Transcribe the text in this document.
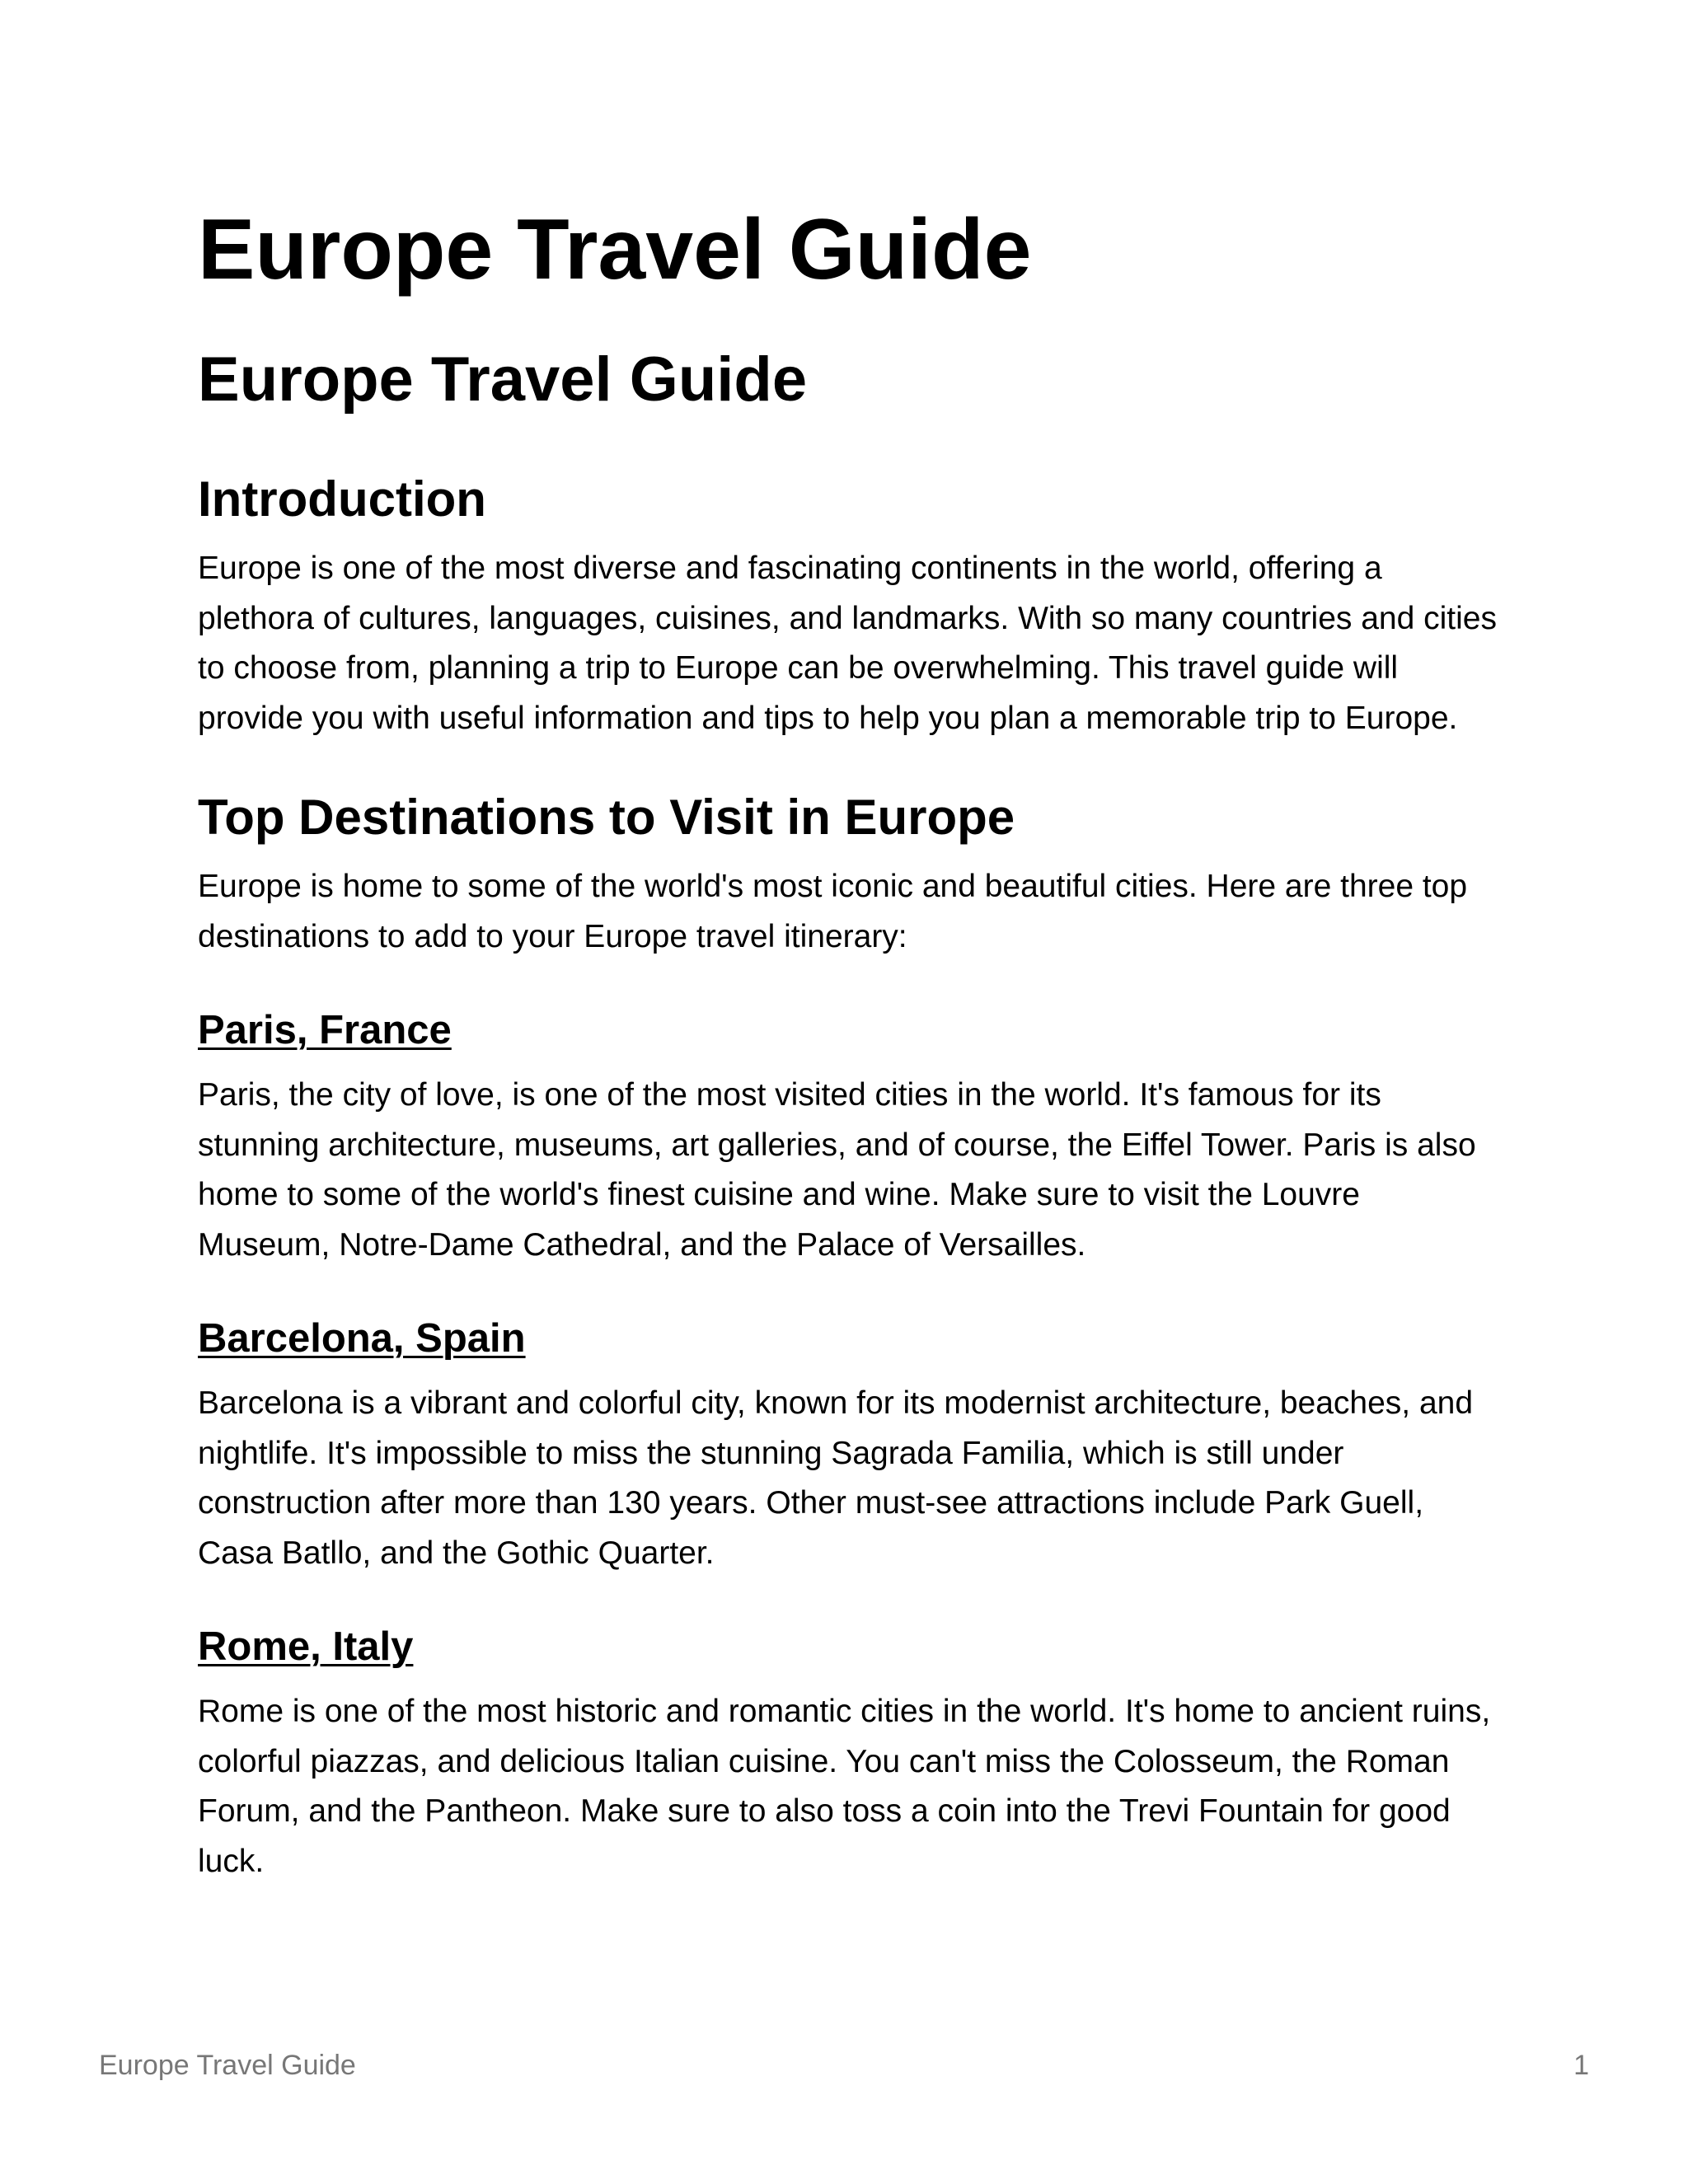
Europe Travel Guide
Europe Travel Guide
Introduction

Europe is one of the most diverse and fascinating continents in the world, offering a plethora of cultures, languages, cuisines, and landmarks. With so many countries and cities to choose from, planning a trip to Europe can be overwhelming. This travel guide will provide you with useful information and tips to help you plan a memorable trip to Europe.

Top Destinations to Visit in Europe

Europe is home to some of the world's most iconic and beautiful cities. Here are three top destinations to add to your Europe travel itinerary:

Paris, France

Paris, the city of love, is one of the most visited cities in the world. It's famous for its stunning architecture, museums, art galleries, and of course, the Eiffel Tower. Paris is also home to some of the world's finest cuisine and wine. Make sure to visit the Louvre Museum, Notre-Dame Cathedral, and the Palace of Versailles.

Barcelona, Spain

Barcelona is a vibrant and colorful city, known for its modernist architecture, beaches, and nightlife. It's impossible to miss the stunning Sagrada Familia, which is still under construction after more than 130 years. Other must-see attractions include Park Guell, Casa Batllo, and the Gothic Quarter.

Rome, Italy

Rome is one of the most historic and romantic cities in the world. It's home to ancient ruins, colorful piazzas, and delicious Italian cuisine. You can't miss the Colosseum, the Roman Forum, and the Pantheon. Make sure to also toss a coin into the Trevi Fountain for good luck.

Europe Travel Guide	1
